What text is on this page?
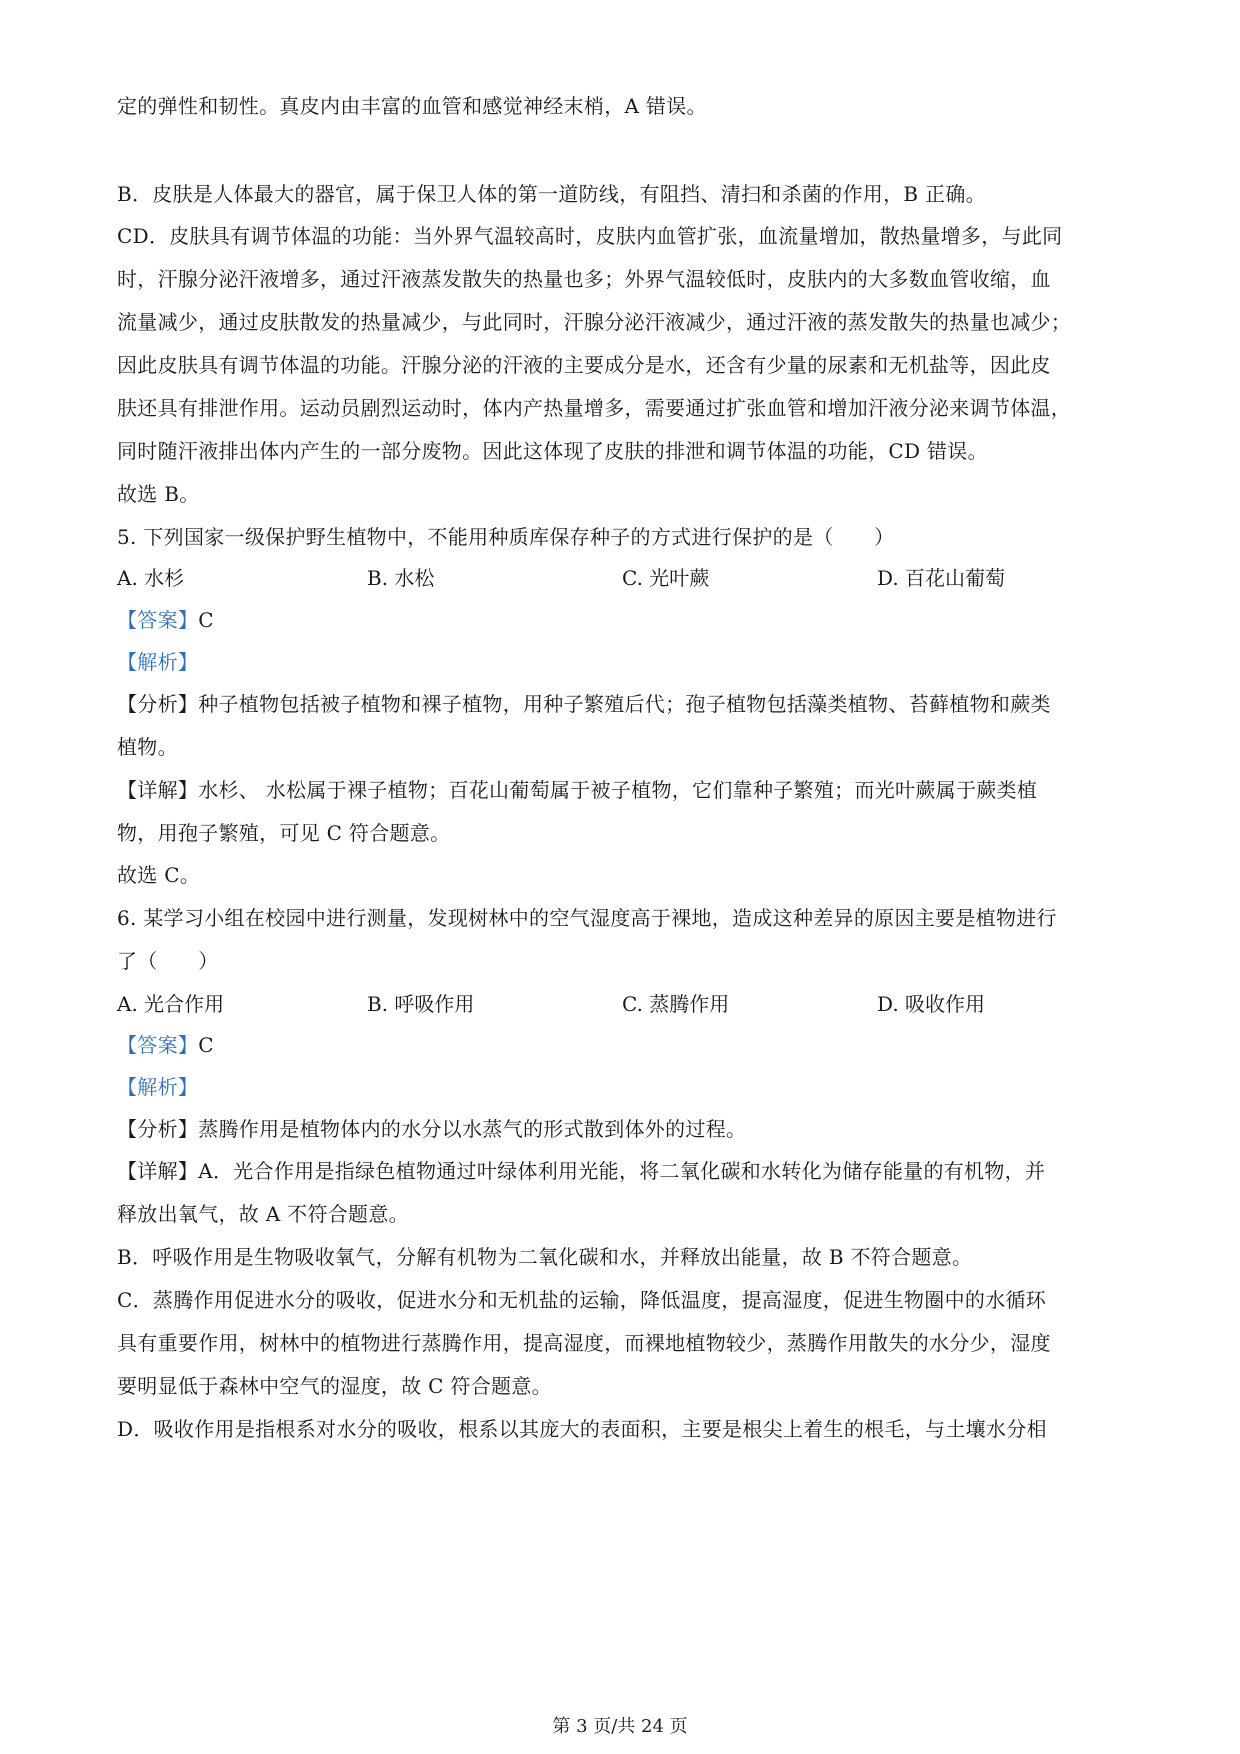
定的弹性和韧性。真皮内由丰富的血管和感觉神经末梢，A 错误。
B．皮肤是人体最大的器官，属于保卫人体的第一道防线，有阻挡、清扫和杀菌的作用，B 正确。
CD．皮肤具有调节体温的功能：当外界气温较高时，皮肤内血管扩张，血流量增加，散热量增多，与此同
时，汗腺分泌汗液增多，通过汗液蒸发散失的热量也多；外界气温较低时，皮肤内的大多数血管收缩，血
流量减少，通过皮肤散发的热量减少，与此同时，汗腺分泌汗液减少，通过汗液的蒸发散失的热量也减少；
因此皮肤具有调节体温的功能。汗腺分泌的汗液的主要成分是水，还含有少量的尿素和无机盐等，因此皮
肤还具有排泄作用。运动员剧烈运动时，体内产热量增多，需要通过扩张血管和增加汗液分泌来调节体温，
同时随汗液排出体内产生的一部分废物。因此这体现了皮肤的排泄和调节体温的功能，CD 错误。
故选 B。
5. 下列国家一级保护野生植物中，不能用种质库保存种子的方式进行保护的是（　　）
A. 水杉	B. 水松	C. 光叶蕨	D. 百花山葡萄
【答案】C
【解析】
【分析】种子植物包括被子植物和裸子植物，用种子繁殖后代；孢子植物包括藻类植物、苔藓植物和蕨类
植物。
【详解】水杉、 水松属于裸子植物；百花山葡萄属于被子植物，它们靠种子繁殖；而光叶蕨属于蕨类植
物，用孢子繁殖，可见 C 符合题意。
故选 C。
6. 某学习小组在校园中进行测量，发现树林中的空气湿度高于裸地，造成这种差异的原因主要是植物进行
了（　　）
A. 光合作用	B. 呼吸作用	C. 蒸腾作用	D. 吸收作用
【答案】C
【解析】
【分析】蒸腾作用是植物体内的水分以水蒸气的形式散到体外的过程。
【详解】A．光合作用是指绿色植物通过叶绿体利用光能，将二氧化碳和水转化为储存能量的有机物，并
释放出氧气，故 A 不符合题意。
B．呼吸作用是生物吸收氧气，分解有机物为二氧化碳和水，并释放出能量，故 B 不符合题意。
C．蒸腾作用促进水分的吸收，促进水分和无机盐的运输，降低温度，提高湿度，促进生物圈中的水循环
具有重要作用，树林中的植物进行蒸腾作用，提高湿度，而裸地植物较少，蒸腾作用散失的水分少，湿度
要明显低于森林中空气的湿度，故 C 符合题意。
D．吸收作用是指根系对水分的吸收，根系以其庞大的表面积，主要是根尖上着生的根毛，与土壤水分相
第 3 页/共 24 页
